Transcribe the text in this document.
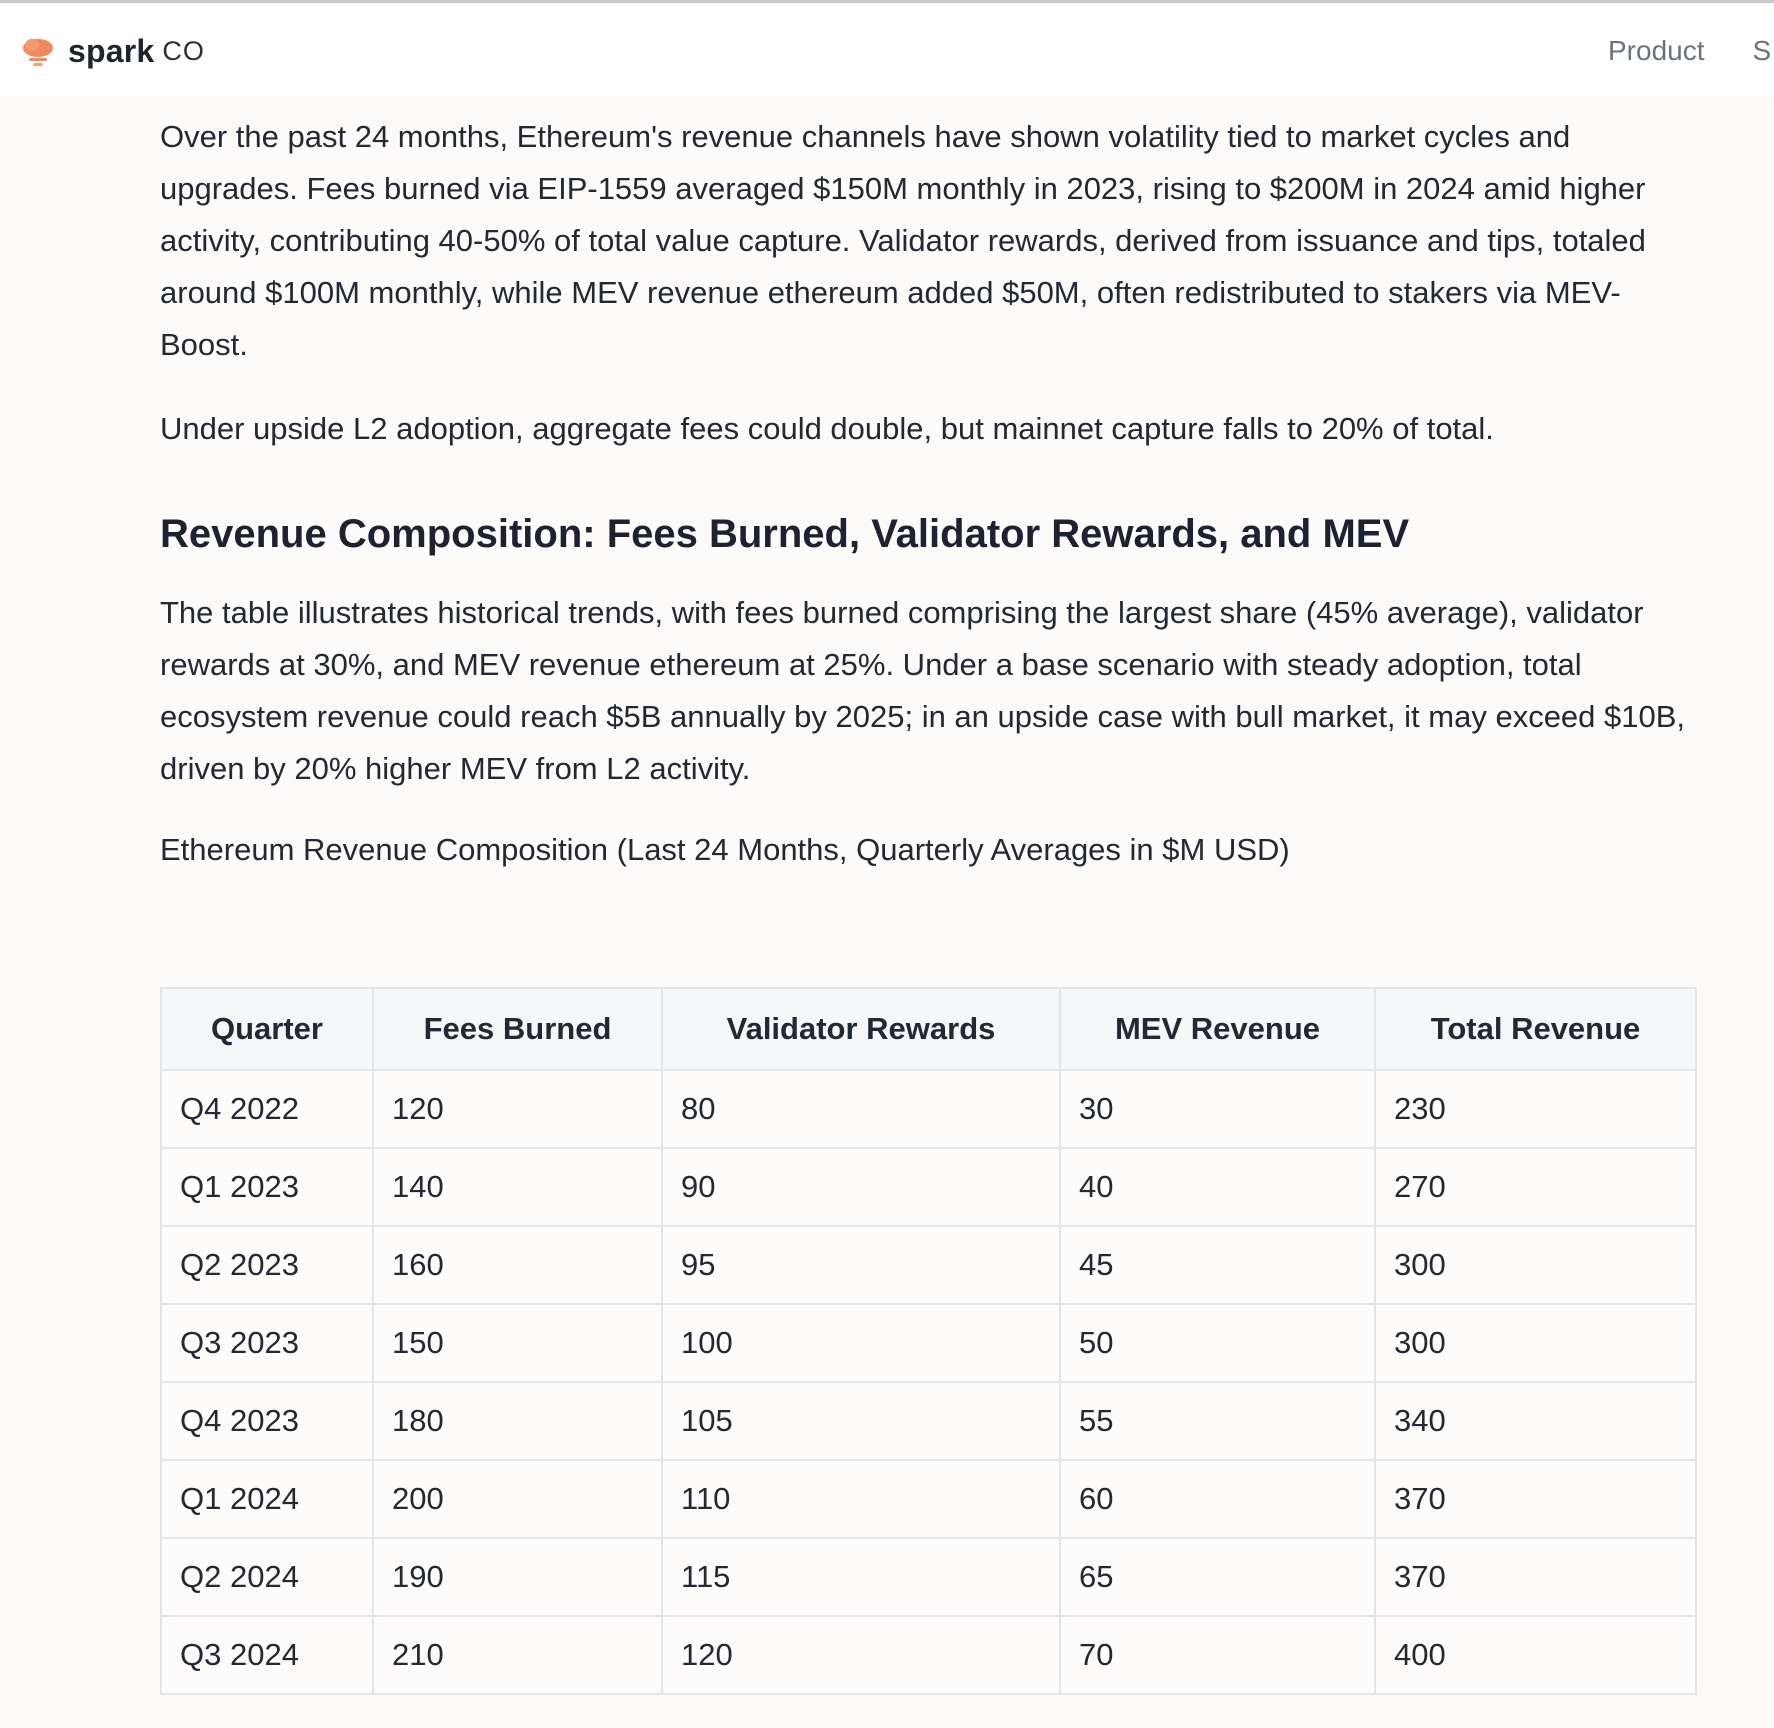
spark CO	Product S

Over the past 24 months, Ethereum's revenue channels have shown volatility tied to market cycles and upgrades. Fees burned via EIP-1559 averaged $150M monthly in 2023, rising to $200M in 2024 amid higher activity, contributing 40-50% of total value capture. Validator rewards, derived from issuance and tips, totaled around $100M monthly, while MEV revenue ethereum added $50M, often redistributed to stakers via MEV-Boost.

Under upside L2 adoption, aggregate fees could double, but mainnet capture falls to 20% of total.

Revenue Composition: Fees Burned, Validator Rewards, and MEV

The table illustrates historical trends, with fees burned comprising the largest share (45% average), validator rewards at 30%, and MEV revenue ethereum at 25%. Under a base scenario with steady adoption, total ecosystem revenue could reach $5B annually by 2025; in an upside case with bull market, it may exceed $10B, driven by 20% higher MEV from L2 activity.

Ethereum Revenue Composition (Last 24 Months, Quarterly Averages in $M USD)

Quarter	Fees Burned	Validator Rewards	MEV Revenue	Total Revenue
Q4 2022	120	80	30	230
Q1 2023	140	90	40	270
Q2 2023	160	95	45	300
Q3 2023	150	100	50	300
Q4 2023	180	105	55	340
Q1 2024	200	110	60	370
Q2 2024	190	115	65	370
Q3 2024	210	120	70	400
